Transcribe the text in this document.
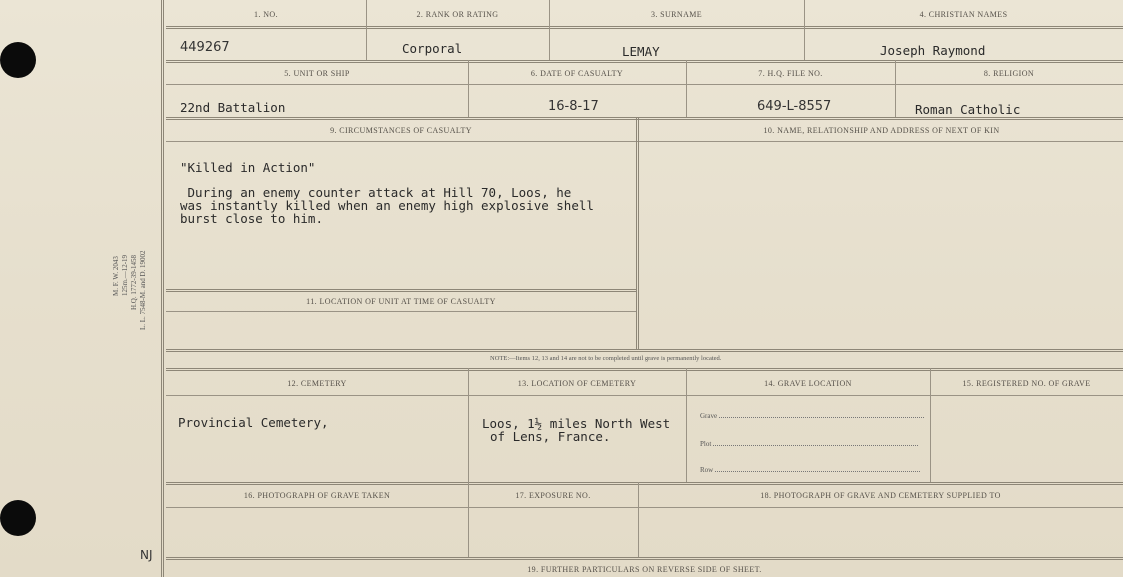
M. F. W. 2043 125m.—12-19 H.Q. 1772-39-1458 L. L. 7548-M. and D. 19002
NJ
1. NO.	2. RANK OR RATING	3. SURNAME	4. CHRISTIAN NAMES
449267	Corporal	LEMAY	Joseph Raymond
5. UNIT OR SHIP	6. DATE OF CASUALTY	7. H.Q. FILE NO.	8. RELIGION
22nd Battalion	16-8-17	649-L-8557	Roman Catholic
9. CIRCUMSTANCES OF CASUALTY	10. NAME, RELATIONSHIP AND ADDRESS OF NEXT OF KIN
"Killed in Action"
During an enemy counter attack at Hill 70, Loos, he
was instantly killed when an enemy high explosive shell
burst close to him.
11. LOCATION OF UNIT AT TIME OF CASUALTY
NOTE:—Items 12, 13 and 14 are not to be completed until grave is permanently located.
12. CEMETERY	13. LOCATION OF CEMETERY	14. GRAVE LOCATION	15. REGISTERED NO. OF GRAVE
Provincial Cemetery,	Loos, 1½ miles North West
of Lens, France.
Grave
Plot
Row
16. PHOTOGRAPH OF GRAVE TAKEN	17. EXPOSURE NO.	18. PHOTOGRAPH OF GRAVE AND CEMETERY SUPPLIED TO
19. FURTHER PARTICULARS ON REVERSE SIDE OF SHEET.
